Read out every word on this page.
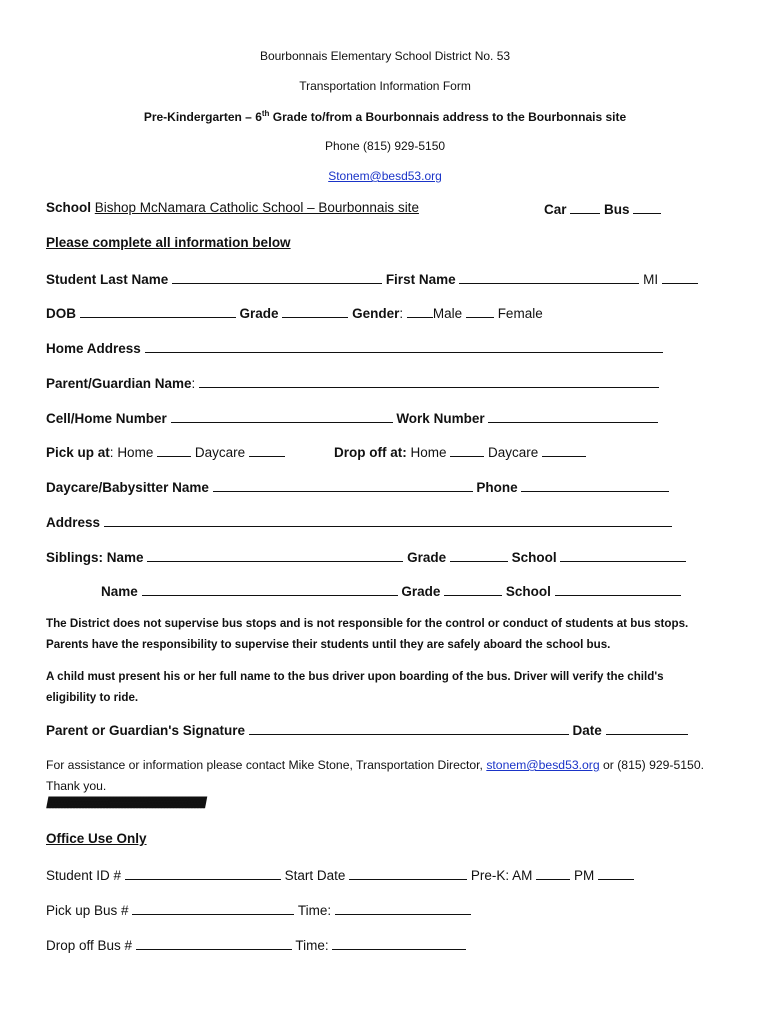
Bourbonnais Elementary School District No. 53
Transportation Information Form
Pre-Kindergarten – 6th Grade to/from a Bourbonnais address to the Bourbonnais site
Phone (815) 929-5150
Stonem@besd53.org
School Bishop McNamara Catholic School – Bourbonnais site	Car	Bus
Please complete all information below
Student Last Name	First Name	MI
DOB	Grade	Gender: Male	Female
Home Address
Parent/Guardian Name:
Cell/Home Number	Work Number
Pick up at: Home	Daycare	Drop off at: Home	Daycare
Daycare/Babysitter Name	Phone
Address
Siblings: Name	Grade	School
Name	Grade	School
The District does not supervise bus stops and is not responsible for the control or conduct of students at bus stops. Parents have the responsibility to supervise their students until they are safely aboard the school bus.
A child must present his or her full name to the bus driver upon boarding of the bus. Driver will verify the child's eligibility to ride.
Parent or Guardian's Signature	Date
For assistance or information please contact Mike Stone, Transportation Director, stonem@besd53.org or (815) 929-5150. Thank you.
//////////////////////////////////////////////////////////////////////////////////////////////////////////
Office Use Only
Student ID #	Start Date	Pre-K: AM	PM
Pick up Bus #	Time:
Drop off Bus #	Time:
